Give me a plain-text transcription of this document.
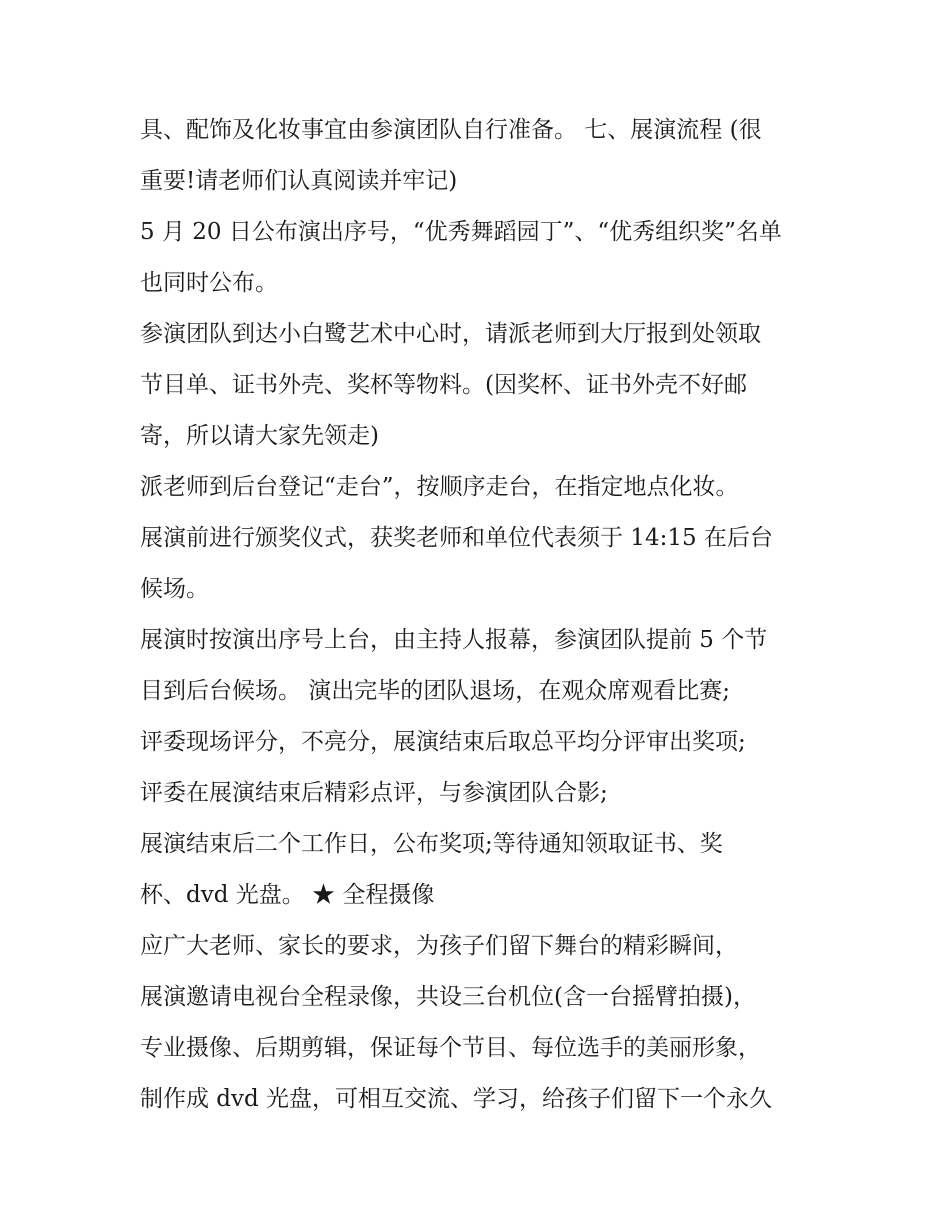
具、配饰及化妆事宜由参演团队自行准备。 七、展演流程 (很
重要!请老师们认真阅读并牢记)

5 月 20 日公布演出序号，“优秀舞蹈园丁”、“优秀组织奖”名单
也同时公布。

参演团队到达小白鹭艺术中心时，请派老师到大厅报到处领取
节目单、证书外壳、奖杯等物料。(因奖杯、证书外壳不好邮
寄，所以请大家先领走)

派老师到后台登记“走台”，按顺序走台，在指定地点化妆。

展演前进行颁奖仪式，获奖老师和单位代表须于 14:15 在后台
候场。

展演时按演出序号上台，由主持人报幕，参演团队提前 5 个节
目到后台候场。 演出完毕的团队退场，在观众席观看比赛;

评委现场评分，不亮分，展演结束后取总平均分评审出奖项;

评委在展演结束后精彩点评，与参演团队合影;

展演结束后二个工作日，公布奖项;等待通知领取证书、奖
杯、dvd 光盘。 ★ 全程摄像

应广大老师、家长的要求，为孩子们留下舞台的精彩瞬间，
展演邀请电视台全程录像，共设三台机位(含一台摇臂拍摄)，
专业摄像、后期剪辑，保证每个节目、每位选手的美丽形象，
制作成 dvd 光盘，可相互交流、学习，给孩子们留下一个永久
